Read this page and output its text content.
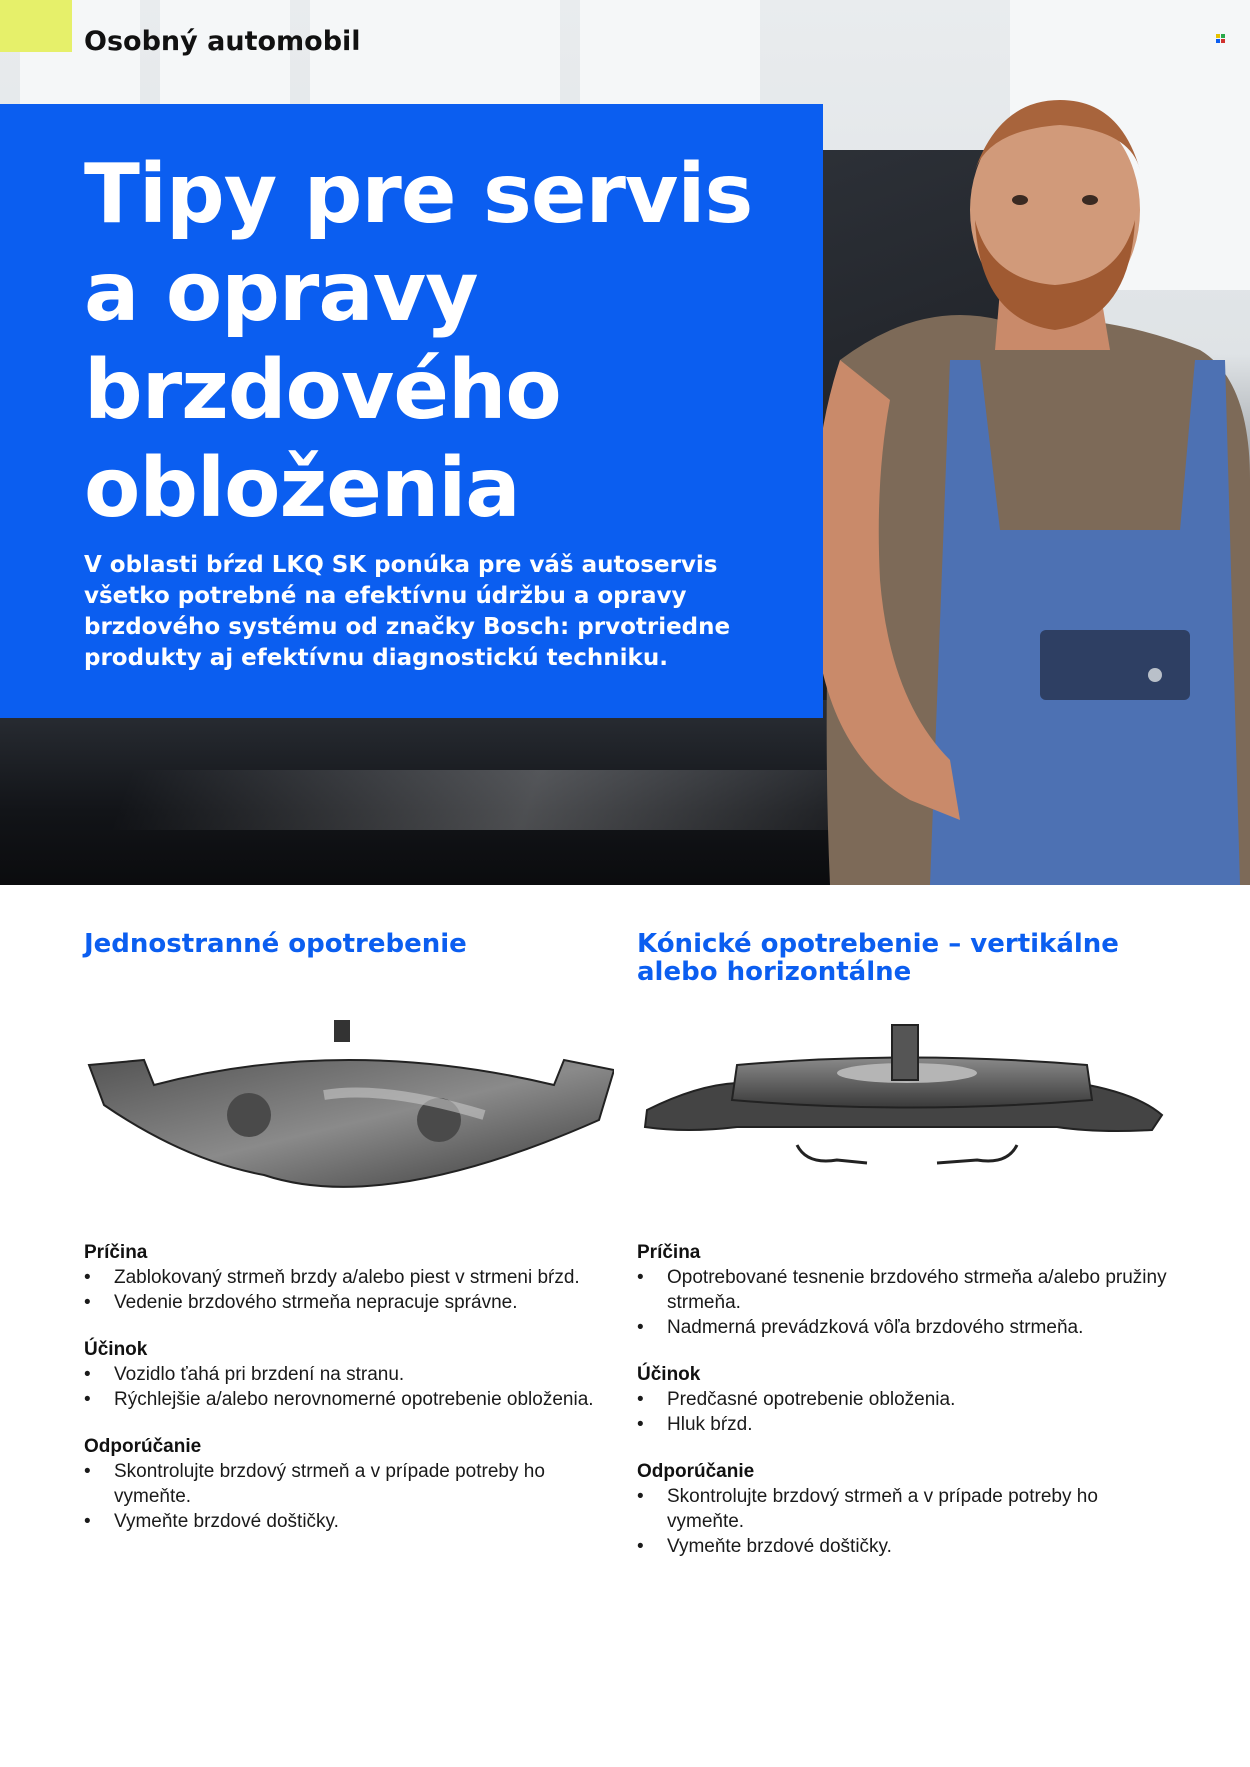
Osobný automobil
Tipy pre servis
a opravy
brzdového
obloženia
V oblasti bŕzd LKQ SK ponúka pre váš autoservis všetko potrebné na efektívnu údržbu a opravy brzdového systému od značky Bosch: prvotriedne produkty aj efektívnu diagnostickú techniku.
Jednostranné opotrebenie
Príčina
• Zablokovaný strmeň brzdy a/alebo piest v strmeni bŕzd.
• Vedenie brzdového strmeňa nepracuje správne.
Účinok
• Vozidlo ťahá pri brzdení na stranu.
• Rýchlejšie a/alebo nerovnomerné opotrebenie obloženia.
Odporúčanie
• Skontrolujte brzdový strmeň a v prípade potreby ho vymeňte.
• Vymeňte brzdové doštičky.
Kónické opotrebenie – vertikálne alebo horizontálne
Príčina
• Opotrebované tesnenie brzdového strmeňa a/alebo pružiny strmeňa.
• Nadmerná prevádzková vôľa brzdového strmeňa.
Účinok
• Predčasné opotrebenie obloženia.
• Hluk bŕzd.
Odporúčanie
• Skontrolujte brzdový strmeň a v prípade potreby ho vymeňte.
• Vymeňte brzdové doštičky.
